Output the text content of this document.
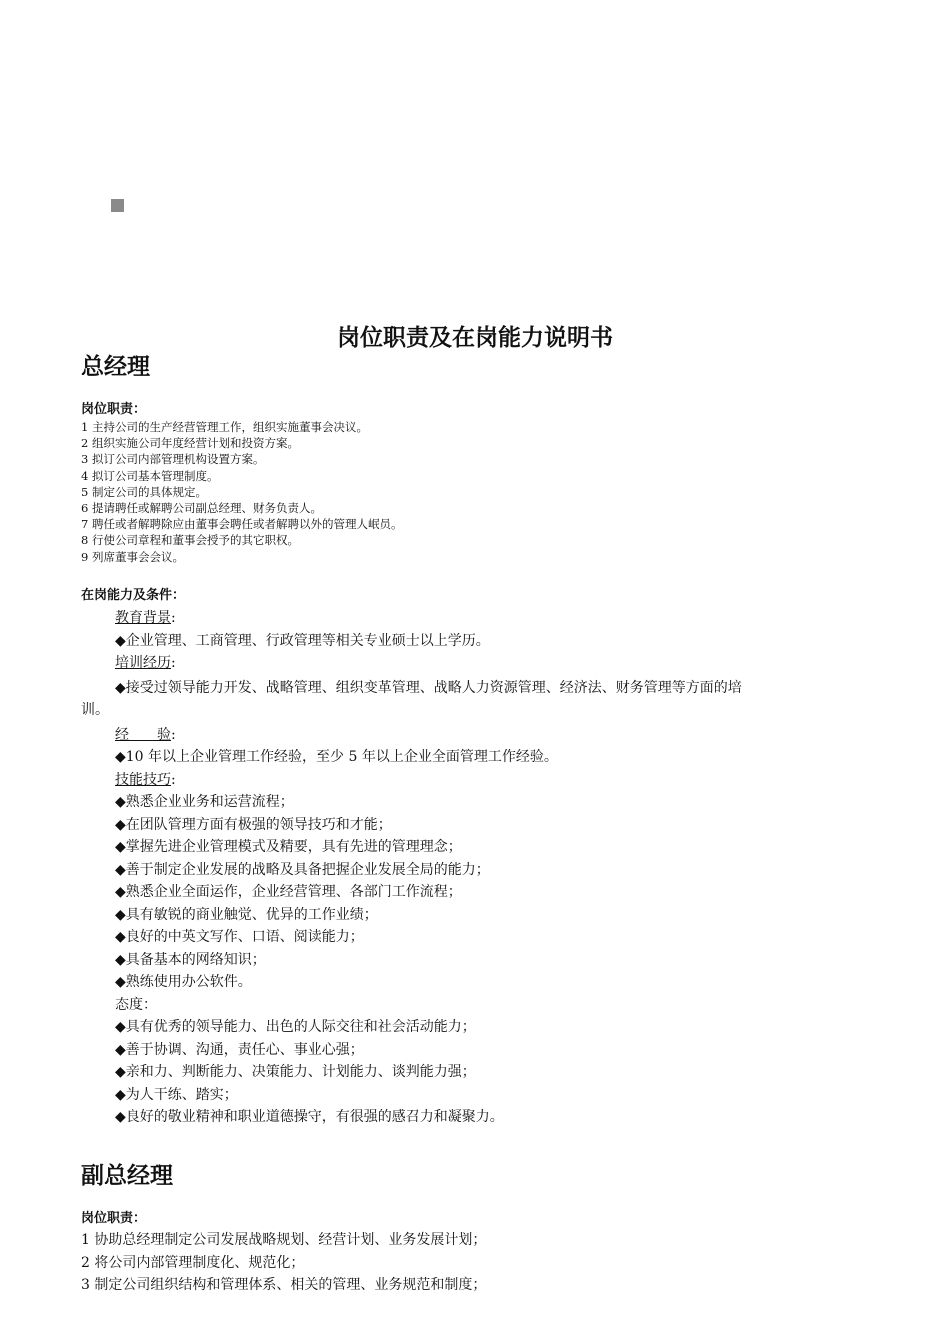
岗位职责及在岗能力说明书
总经理
岗位职责：
1 主持公司的生产经营管理工作，组织实施董事会决议。
2 组织实施公司年度经营计划和投资方案。
3 拟订公司内部管理机构设置方案。
4 拟订公司基本管理制度。
5 制定公司的具体规定。
6 提请聘任或解聘公司副总经理、财务负责人。
7 聘任或者解聘除应由董事会聘任或者解聘以外的管理人岷员。
8 行使公司章程和董事会授予的其它职权。
9 列席董事会会议。
在岗能力及条件：
教育背景:
◆企业管理、工商管理、行政管理等相关专业硕士以上学历。
培训经历:
◆接受过领导能力开发、战略管理、组织变革管理、战略人力资源管理、经济法、财务管理等方面的培
训。
经　　验:
◆10 年以上企业管理工作经验，至少 5 年以上企业全面管理工作经验。
技能技巧:
◆熟悉企业业务和运营流程；
◆在团队管理方面有极强的领导技巧和才能；
◆掌握先进企业管理模式及精要，具有先进的管理理念；
◆善于制定企业发展的战略及具备把握企业发展全局的能力；
◆熟悉企业全面运作，企业经营管理、各部门工作流程；
◆具有敏锐的商业触觉、优异的工作业绩；
◆良好的中英文写作、口语、阅读能力；
◆具备基本的网络知识；
◆熟练使用办公软件。
态度：
◆具有优秀的领导能力、出色的人际交往和社会活动能力；
◆善于协调、沟通，责任心、事业心强；
◆亲和力、判断能力、决策能力、计划能力、谈判能力强；
◆为人干练、踏实；
◆良好的敬业精神和职业道德操守，有很强的感召力和凝聚力。
副总经理
岗位职责：
1 协助总经理制定公司发展战略规划、经营计划、业务发展计划；
2 将公司内部管理制度化、规范化；
3 制定公司组织结构和管理体系、相关的管理、业务规范和制度；
